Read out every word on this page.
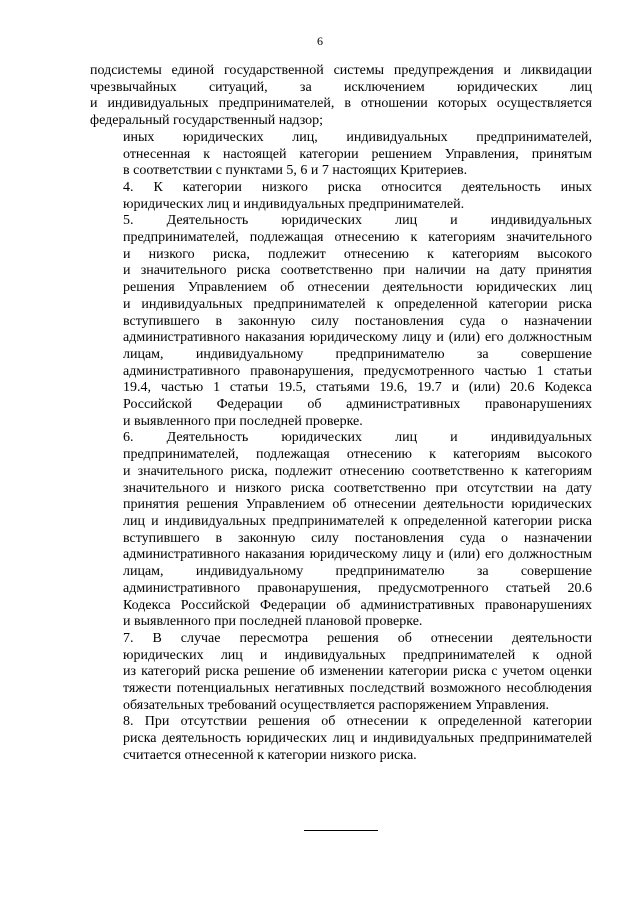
6
подсистемы единой государственной системы предупреждения и ликвидации
чрезвычайных ситуаций, за исключением юридических лиц
и индивидуальных предпринимателей, в отношении которых осуществляется
федеральный государственный надзор;
иных юридических лиц, индивидуальных предпринимателей,
отнесенная к настоящей категории решением Управления, принятым
в соответствии с пунктами 5, 6 и 7 настоящих Критериев.
4. К категории низкого риска относится деятельность иных
юридических лиц и индивидуальных предпринимателей.
5. Деятельность юридических лиц и индивидуальных
предпринимателей, подлежащая отнесению к категориям значительного
и низкого риска, подлежит отнесению к категориям высокого
и значительного риска соответственно при наличии на дату принятия
решения Управлением об отнесении деятельности юридических лиц
и индивидуальных предпринимателей к определенной категории риска
вступившего в законную силу постановления суда о назначении
административного наказания юридическому лицу и (или) его должностным
лицам, индивидуальному предпринимателю за совершение
административного правонарушения, предусмотренного частью 1 статьи
19.4, частью 1 статьи 19.5, статьями 19.6, 19.7 и (или) 20.6 Кодекса
Российской Федерации об административных правонарушениях
и выявленного при последней проверке.
6. Деятельность юридических лиц и индивидуальных
предпринимателей, подлежащая отнесению к категориям высокого
и значительного риска, подлежит отнесению соответственно к категориям
значительного и низкого риска соответственно при отсутствии на дату
принятия решения Управлением об отнесении деятельности юридических
лиц и индивидуальных предпринимателей к определенной категории риска
вступившего в законную силу постановления суда о назначении
административного наказания юридическому лицу и (или) его должностным
лицам, индивидуальному предпринимателю за совершение
административного правонарушения, предусмотренного статьей 20.6
Кодекса Российской Федерации об административных правонарушениях
и выявленного при последней плановой проверке.
7. В случае пересмотра решения об отнесении деятельности
юридических лиц и индивидуальных предпринимателей к одной
из категорий риска решение об изменении категории риска с учетом оценки
тяжести потенциальных негативных последствий возможного несоблюдения
обязательных требований осуществляется распоряжением Управления.
8. При отсутствии решения об отнесении к определенной категории
риска деятельность юридических лиц и индивидуальных предпринимателей
считается отнесенной к категории низкого риска.
